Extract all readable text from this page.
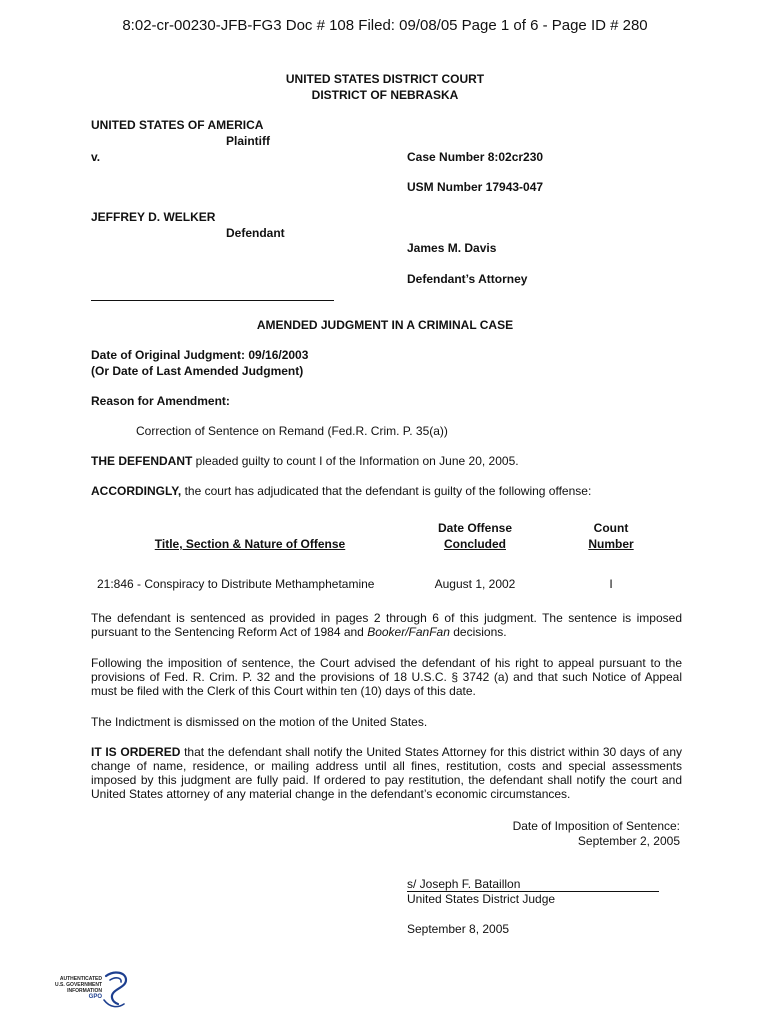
8:02-cr-00230-JFB-FG3 Doc # 108 Filed: 09/08/05 Page 1 of 6 - Page ID # 280
UNITED STATES DISTRICT COURT
DISTRICT OF NEBRASKA
UNITED STATES OF AMERICA
Plaintiff
v.	Case Number 8:02cr230
USM Number 17943-047
JEFFREY D. WELKER
Defendant
James M. Davis
Defendant’s Attorney
AMENDED JUDGMENT IN A CRIMINAL CASE
Date of Original Judgment: 09/16/2003
(Or Date of Last Amended Judgment)
Reason for Amendment:
Correction of Sentence on Remand (Fed.R. Crim. P. 35(a))
THE DEFENDANT pleaded guilty to count I of the Information on June 20, 2005.
ACCORDINGLY, the court has adjudicated that the defendant is guilty of the following offense:
Title, Section & Nature of Offense
Date Offense
Concluded
Count
Number
21:846 - Conspiracy to Distribute Methamphetamine	August 1, 2002	I
The defendant is sentenced as provided in pages 2 through 6 of this judgment. The sentence is imposed pursuant to the Sentencing Reform Act of 1984 and Booker/FanFan decisions.
Following the imposition of sentence, the Court advised the defendant of his right to appeal pursuant to the provisions of Fed. R. Crim. P. 32 and the provisions of 18 U.S.C. § 3742 (a) and that such Notice of Appeal must be filed with the Clerk of this Court within ten (10) days of this date.
The Indictment is dismissed on the motion of the United States.
IT IS ORDERED that the defendant shall notify the United States Attorney for this district within 30 days of any change of name, residence, or mailing address until all fines, restitution, costs and special assessments imposed by this judgment are fully paid. If ordered to pay restitution, the defendant shall notify the court and United States attorney of any material change in the defendant’s economic circumstances.
Date of Imposition of Sentence:
September 2, 2005
s/ Joseph F. Bataillon
United States District Judge
September 8, 2005
AUTHENTICATED
U.S. GOVERNMENT
INFORMATION
GPO
